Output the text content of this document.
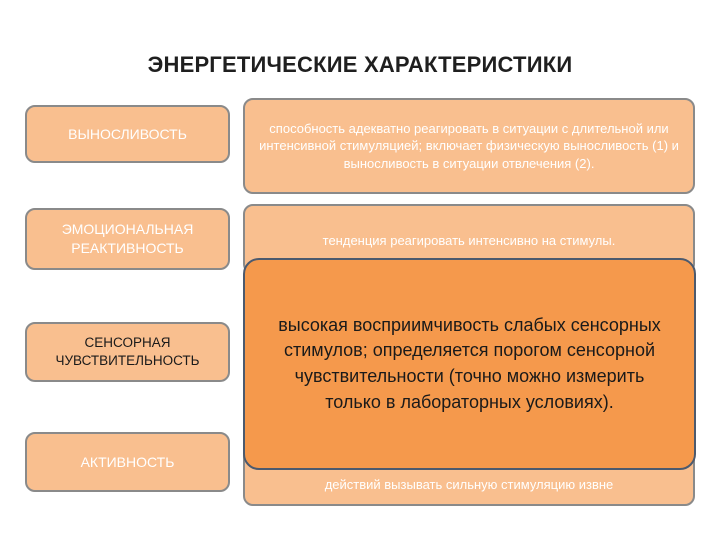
ЭНЕРГЕТИЧЕСКИЕ ХАРАКТЕРИСТИКИ
ВЫНОСЛИВОСТЬ	способность адекватно реагировать в ситуации с длительной или интенсивной стимуляцией; включает физическую выносливость (1) и выносливость в ситуации отвлечения (2).
ЭМОЦИОНАЛЬНАЯ РЕАКТИВНОСТЬ	тенденция реагировать интенсивно на стимулы.
СЕНСОРНАЯ ЧУВСТВИТЕЛЬНОСТЬ
АКТИВНОСТЬ
действий вызывать сильную стимуляцию извне
высокая восприимчивость слабых сенсорных стимулов; определяется порогом сенсорной чувствительности (точно можно измерить только в лабораторных условиях).
